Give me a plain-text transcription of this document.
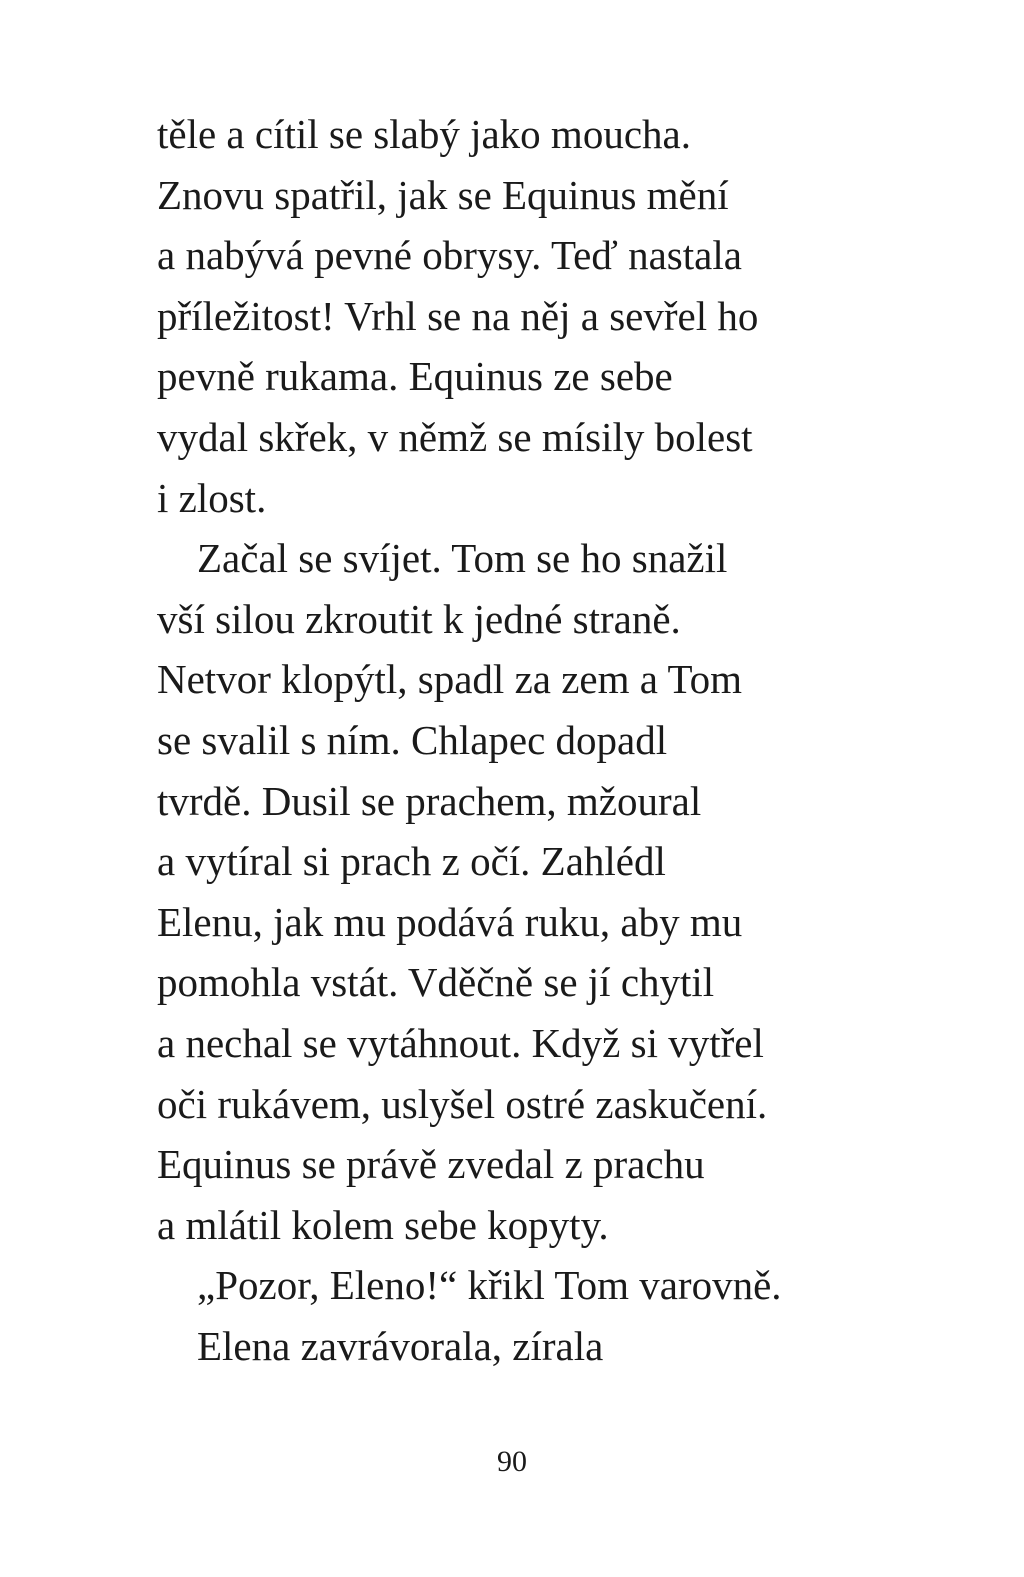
těle a cítil se slabý jako moucha.
Znovu spatřil, jak se Equinus mění
a nabývá pevné obrysy. Teď nastala
příležitost! Vrhl se na něj a sevřel ho
pevně rukama. Equinus ze sebe
vydal skřek, v němž se mísily bolest
i zlost.
Začal se svíjet. Tom se ho snažil
vší silou zkroutit k jedné straně.
Netvor klopýtl, spadl za zem a Tom
se svalil s ním. Chlapec dopadl
tvrdě. Dusil se prachem, mžoural
a vytíral si prach z očí. Zahlédl
Elenu, jak mu podává ruku, aby mu
pomohla vstát. Vděčně se jí chytil
a nechal se vytáhnout. Když si vytřel
oči rukávem, uslyšel ostré zaskučení.
Equinus se právě zvedal z prachu
a mlátil kolem sebe kopyty.
„Pozor, Eleno!“ křikl Tom varovně.
Elena zavrávorala, zírala
90
